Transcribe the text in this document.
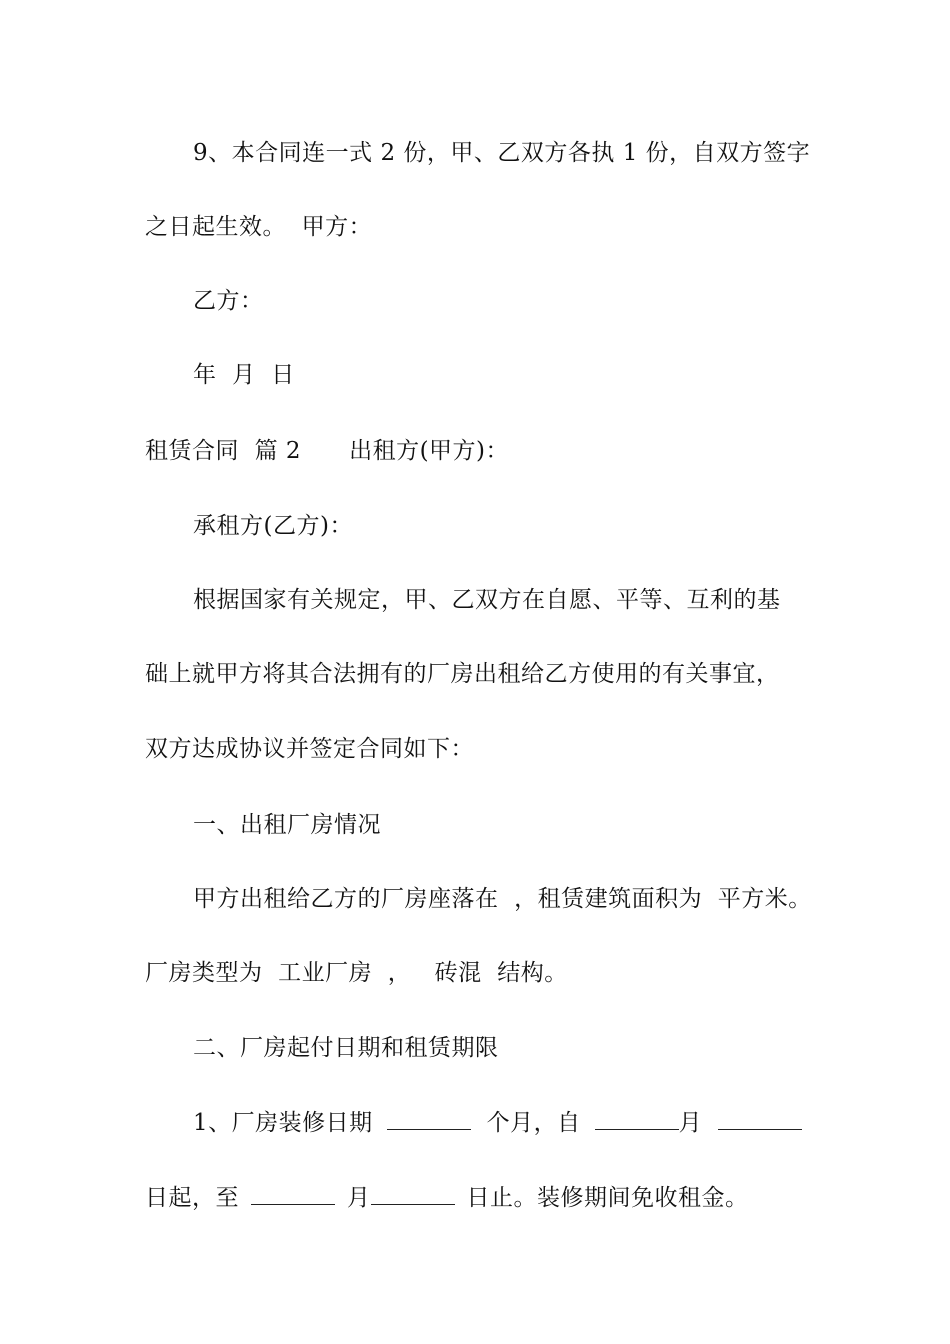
9、本合同连一式 2 份，甲、乙双方各执 1 份，自双方签字
之日起生效。  甲方：
乙方：
年  月  日
租赁合同  篇 2 出租方(甲方)：
承租方(乙方)：
根据国家有关规定，甲、乙双方在自愿、平等、互利的基
础上就甲方将其合法拥有的厂房出租给乙方使用的有关事宜，
双方达成协议并签定合同如下：
一、出租厂房情况
甲方出租给乙方的厂房座落在  ，租赁建筑面积为  平方米。
厂房类型为  工业厂房  ，   砖混  结构。
二、厂房起付日期和租赁期限
1、厂房装修日期	个月，自	月
日起，至	月	日止。装修期间免收租金。
